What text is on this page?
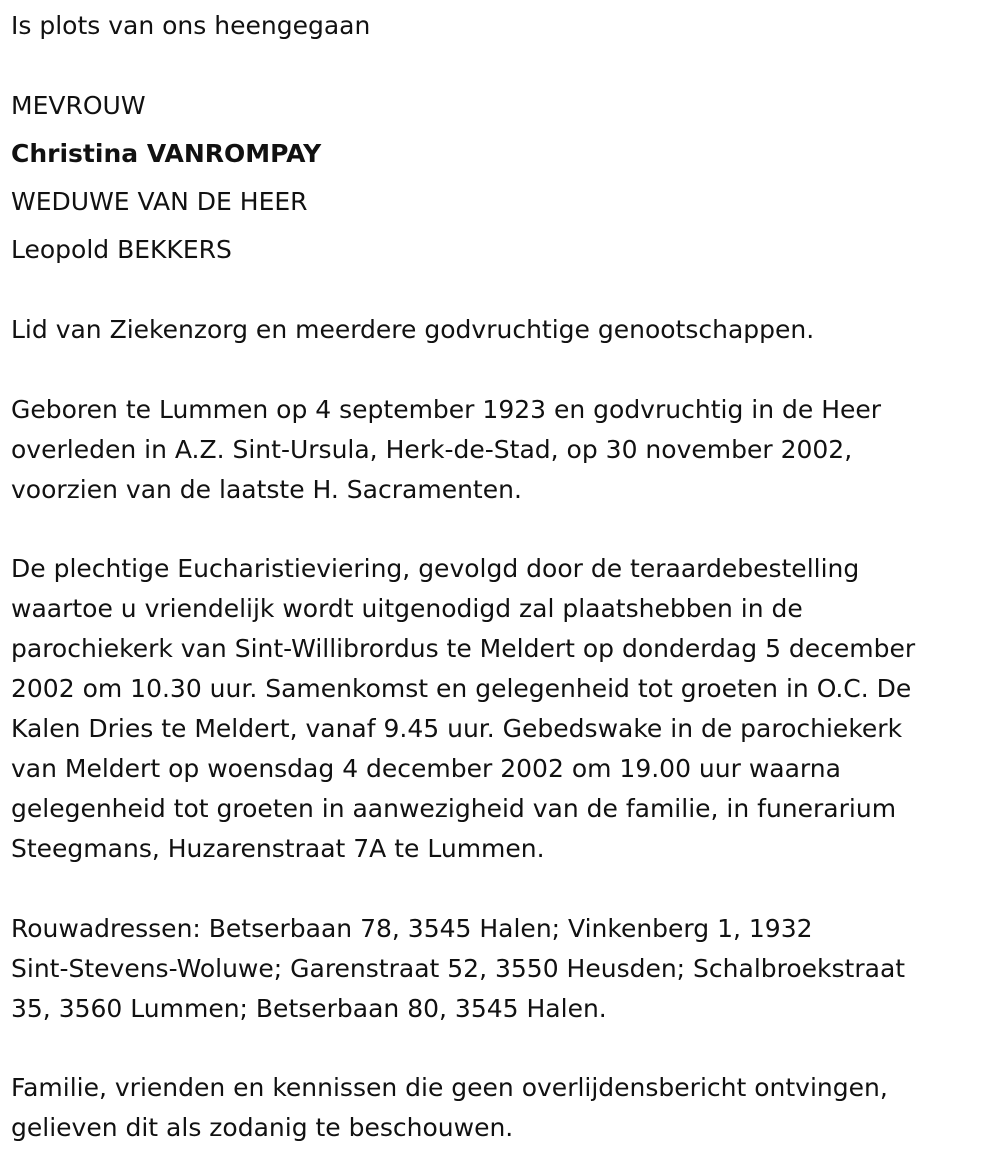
Is plots van ons heengegaan

MEVROUW

Christina VANROMPAY

WEDUWE VAN DE HEER

Leopold BEKKERS

Lid van Ziekenzorg en meerdere godvruchtige genootschappen.

Geboren te Lummen op 4 september 1923 en godvruchtig in de Heer

overleden in A.Z. Sint-Ursula, Herk-de-Stad, op 30 november 2002,

voorzien van de laatste H. Sacramenten.

De plechtige Eucharistieviering, gevolgd door de teraardebestelling

waartoe u vriendelijk wordt uitgenodigd zal plaatshebben in de

parochiekerk van Sint-Willibrordus te Meldert op donderdag 5 december

2002 om 10.30 uur. Samenkomst en gelegenheid tot groeten in O.C. De

Kalen Dries te Meldert, vanaf 9.45 uur. Gebedswake in de parochiekerk

van Meldert op woensdag 4 december 2002 om 19.00 uur waarna

gelegenheid tot groeten in aanwezigheid van de familie, in funerarium

Steegmans, Huzarenstraat 7A te Lummen.

Rouwadressen: Betserbaan 78, 3545 Halen; Vinkenberg 1, 1932

Sint-Stevens-Woluwe; Garenstraat 52, 3550 Heusden; Schalbroekstraat

35, 3560 Lummen; Betserbaan 80, 3545 Halen.

Familie, vrienden en kennissen die geen overlijdensbericht ontvingen,

gelieven dit als zodanig te beschouwen.
